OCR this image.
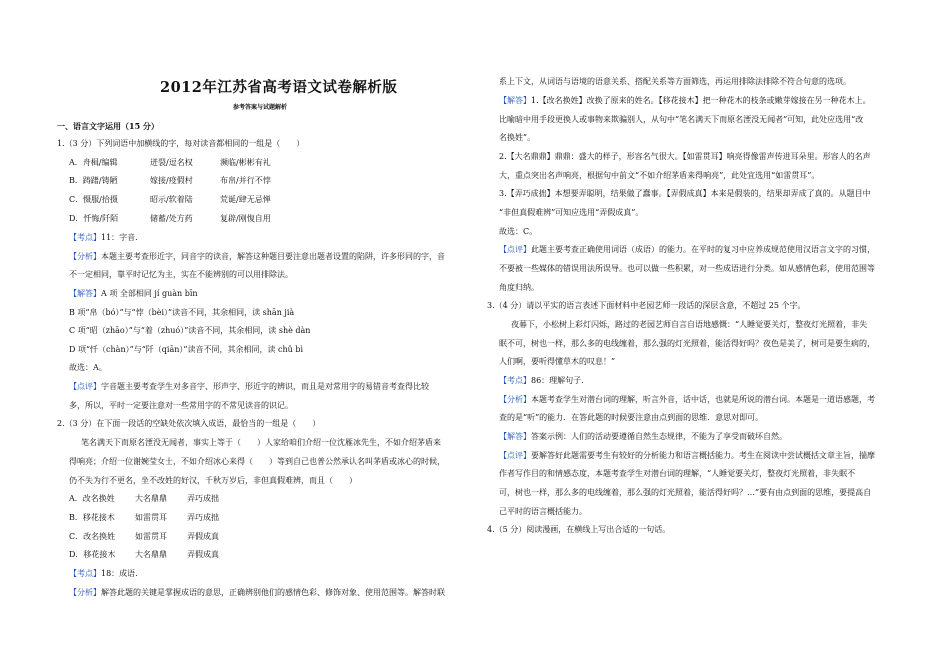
2012年江苏省高考语文试卷解析版
参考答案与试题解析
一、语言文字运用（15 分）
1.（3 分）下列词语中加横线的字，每对读音都相同的一组是（　　）
A．舟楫/编辑	迸裂/逗名权	濒临/彬彬有礼
B．踌躇/铸陋	嫁接/疫假村	布帛/并行不悖
C．慑服/拾摄	昭示/软着陆	荒诞/肆无忌惮
D．忏悔/阡陌	储蓄/处方药	复辟/刚愎自用
【考点】11：字音.
【分析】本题主要考查形近字，同音字的读音，解答这种题目要注意出题者设置的陷阱，许多形同的字，音
不一定相同，靠平时记忆为主，实在不能辨别的可以用排除法。
【解答】A 项 全部相同 jí guàn bīn
B 项“帛（bó）”与“悖（bèi）”读音不同，其余相同，读 shān jià
C 项“昭（zhāo）”与“着（zhuó）”读音不同，其余相同，读 shè dàn
D 项“忏（chàn）”与“阡（qiān）”读音不同，其余相同，读 chǔ bì
故选：A。
【点评】字音题主要考查学生对多音字、形声字、形近字的辨识，而且是对常用字的易错音考查得比较
多，所以，平时一定要注意对一些常用字的不常见读音的识记。
2.（3 分）在下面一段话的空缺处依次填入成语，最恰当的一组是（　　）
笔名满天下而原名湮没无闻者，事实上等于（　　）人家给咱们介绍一位沈雁冰先生，不如介绍茅盾来
得响亮；介绍一位谢婉莹女士，不如介绍冰心来得（　　）等到自己也普公然承认名叫茅盾或冰心的时候，
仍不失为行不更名，坐不改姓的好汉，千秋万岁后，非但真假难辨，而且（　　）
A．改名换姓	大名鼎鼎	弄巧成拙
B．移花接木	如雷贯耳	弄巧成拙
C．改名换姓 如雷贯耳	弄假成真
D．移花接木 大名鼎鼎	弄假成真
【考点】18：成语.
【分析】解答此题的关键是掌握成语的意思，正确辨别他们的感情色彩、修饰对象、使用范围等。解答时联
系上下文，从词语与语境的语意关系、搭配关系等方面筛选，再运用排除法排除不符合句意的选项。
【解答】1.【改名换姓】改换了原来的姓名。【移花接木】把一种花木的枝条或嫩芽嫁接在另一种花木上。
比喻暗中用手段更换人或事物来欺骗别人，从句中“笔名满天下而原名湮没无闻者”可知，此处应选用“改
名换姓”。
2.【大名鼎鼎】鼎鼎：盛大的样子，形容名气很大。【如雷贯耳】响亮得像雷声传进耳朵里。形容人的名声
大，重点突出名声响亮，根据句中前文“不如介绍茅盾来得响亮”，此处宜选用“如雷贯耳”。
3.【弄巧成拙】本想要弄聪明，结果做了蠢事。【弄假成真】本来是假装的，结果却弄成了真的。从题目中
“非但真假难辨”可知应选用“弄假成真”。
故选：C。
【点评】此题主要考查正确使用词语（成语）的能力。在平时的复习中应养成规范使用汉语言文字的习惯，
不要被一些媒体的错误用法所误导。也可以做一些积累，对一些成语进行分类。如从感情色彩，使用范围等
角度归纳。
3.（4 分）请以平实的语言表述下面材料中老园艺师一段话的深层含意，不超过 25 个字。
夜幕下，小松树上彩灯闪烁，路过的老园艺师自言自语地感慨：“人睡觉要关灯，整夜灯光照着，非失
眠不可，树也一样，那么多的电线缠着，那么强的灯光照着，能活得好吗？夜色是美了，树可是要生病的，
人们啊，要听得懂草木的叹息！”
【考点】86：理解句子.
【分析】本题考查学生对潜台词的理解，听言外音，话中话，也就是所说的潜台词。本题是一道语感题，考
查的是“听”的能力．在答此题的时候要注意由点到面的思维．意思对即可。
【解答】答案示例：人们的活动要遵循自然生态规律，不能为了享受而破坏自然。
【点评】要解答好此题需要考生有较好的分析能力和语言概括能力。考生在阅读中尝试概括文章主旨，揣摩
作者写作目的和情感态度，本题考查学生对潜台词的理解，“人睡觉要关灯，整夜灯光照着，非失眠不
可，树也一样，那么多的电线缠着，那么强的灯光照着，能活得好吗？…”要有由点到面的思维，要提高自
己平时的语言概括能力。
4.（5 分）阅读漫画，在横线上写出合适的一句话。
